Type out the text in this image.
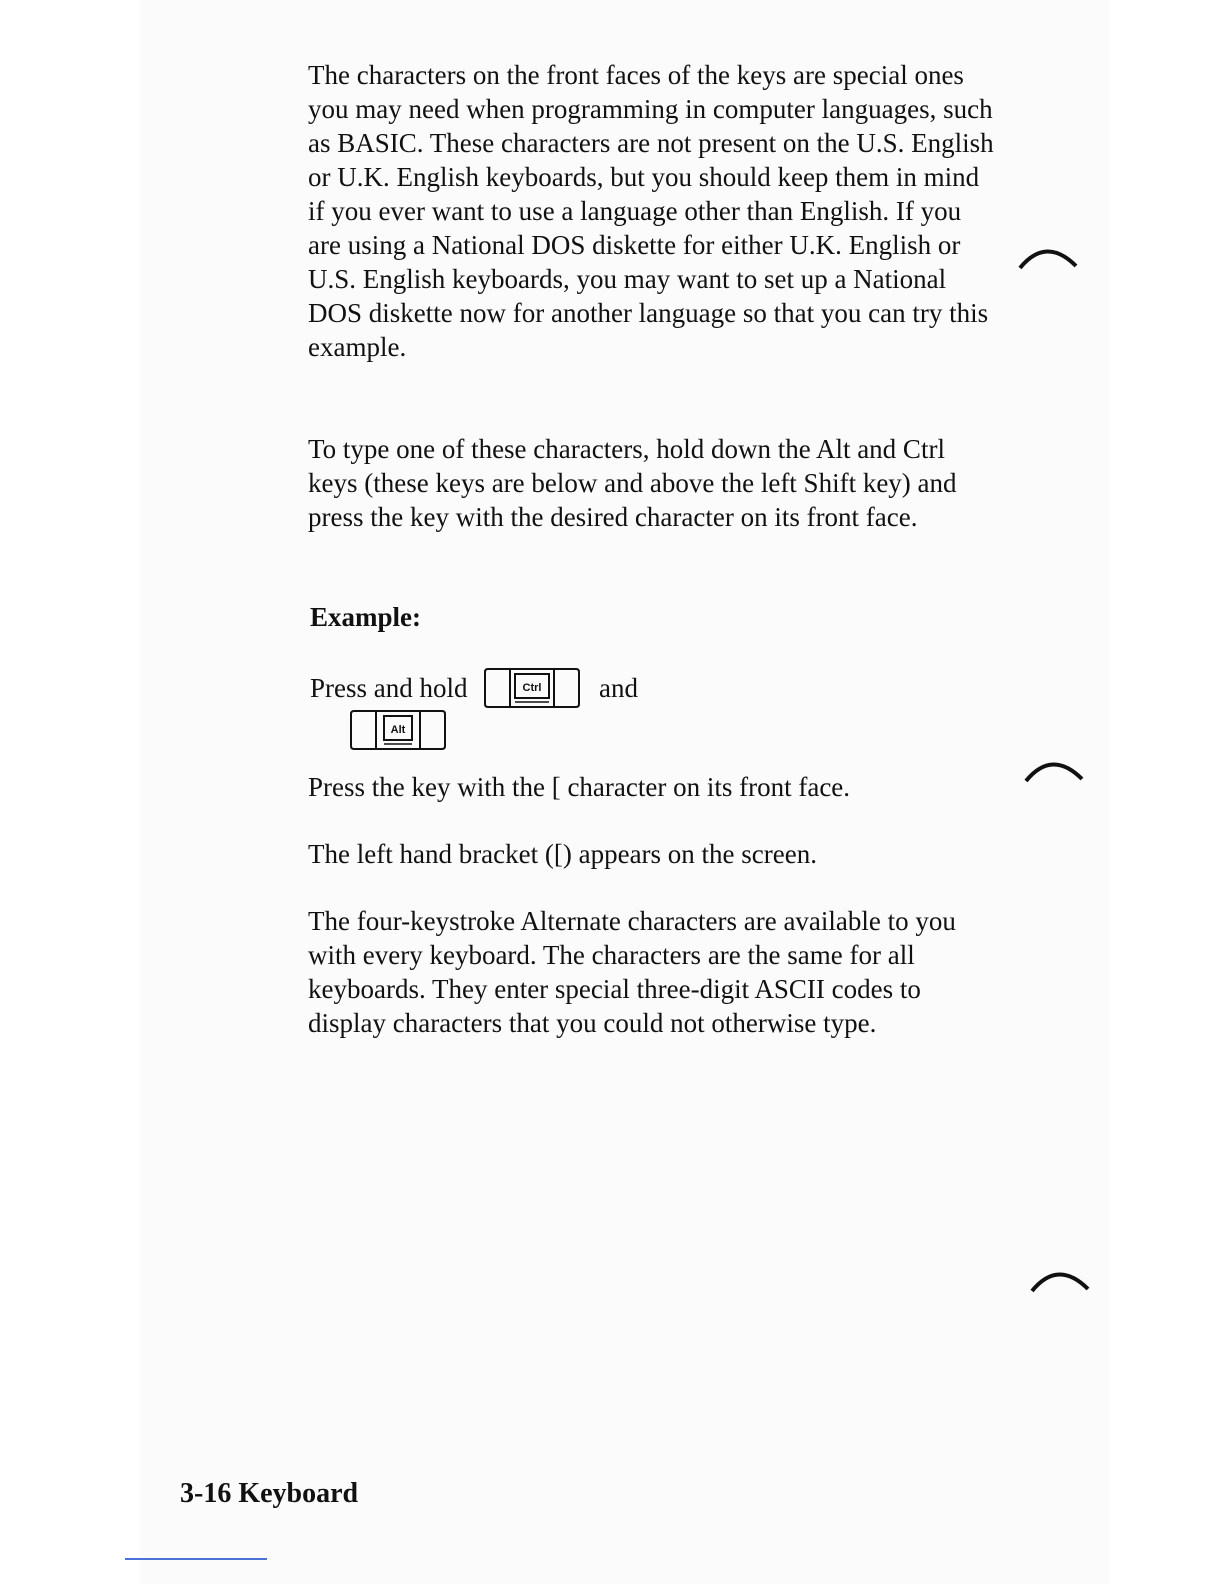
The characters on the front faces of the keys are special ones you may need when programming in computer languages, such as BASIC. These characters are not present on the U.S. English or U.K. English keyboards, but you should keep them in mind if you ever want to use a language other than English. If you are using a National DOS diskette for either U.K. English or U.S. English keyboards, you may want to set up a National DOS diskette now for another language so that you can try this example.

To type one of these characters, hold down the Alt and Ctrl keys (these keys are below and above the left Shift key) and press the key with the desired character on its front face.

Example:

Press and hold	Ctrl and
Alt

Press the key with the [ character on its front face.

The left hand bracket ([) appears on the screen.

The four-keystroke Alternate characters are available to you with every keyboard. The characters are the same for all keyboards. They enter special three-digit ASCII codes to display characters that you could not otherwise type.

3-16 Keyboard
